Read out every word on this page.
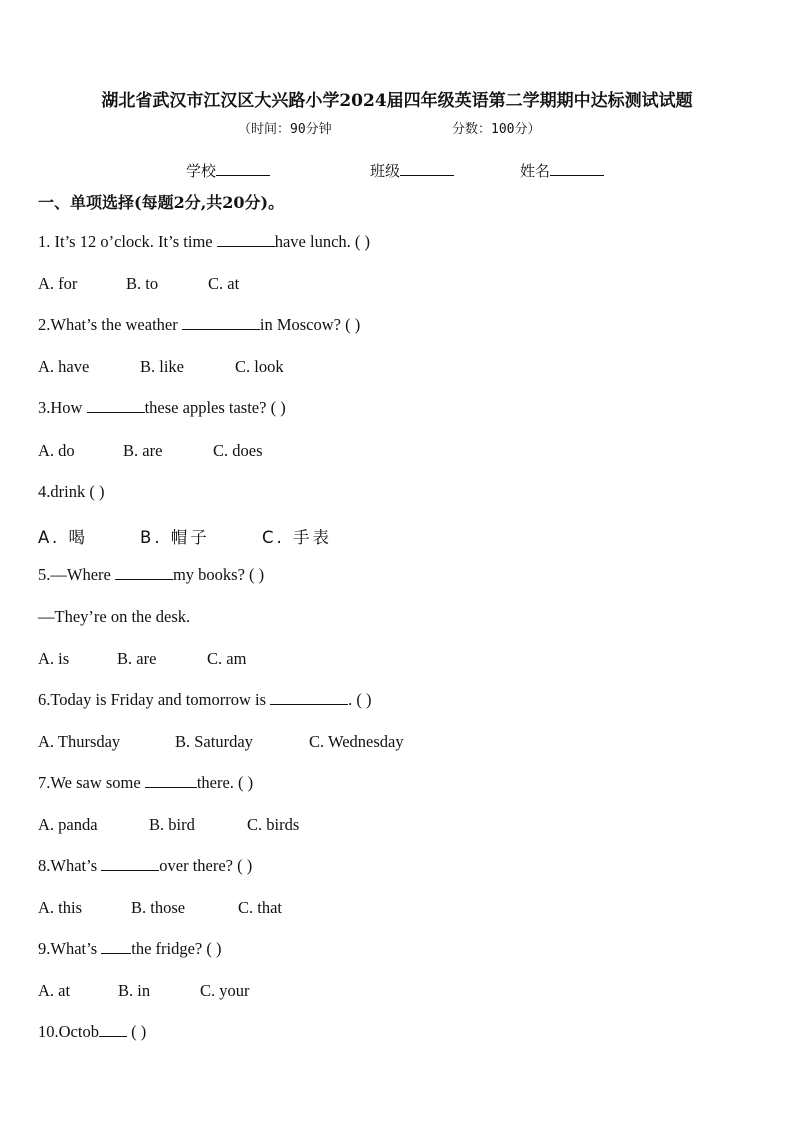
湖北省武汉市江汉区大兴路小学2024届四年级英语第二学期期中达标测试试题
（时间：90分钟	分数：100分）
学校	班级	姓名
一、单项选择(每题2分,共20分)。
1. It’s 12 o’clock. It’s time	have lunch. ( )
A. for	B. to	C. at
2.What’s the weather	in Moscow? ( )
A. have	B. like	C. look
3.How	these apples taste? ( )
A. do	B. are	C. does
4.drink ( )
A. 喝	B. 帽子	C. 手表
5.—Where	my books? ( )
—They’re on the desk.
A. is	B. are	C. am
6.Today is Friday and tomorrow is	. ( )
A. Thursday	B. Saturday	C. Wednesday
7.We saw some	there. ( )
A. panda	B. bird	C. birds
8.What’s	over there? ( )
A. this	B. those	C. that
9.What’s the fridge? ( )
A. at	B. in	C. your
10.Octob ( )
